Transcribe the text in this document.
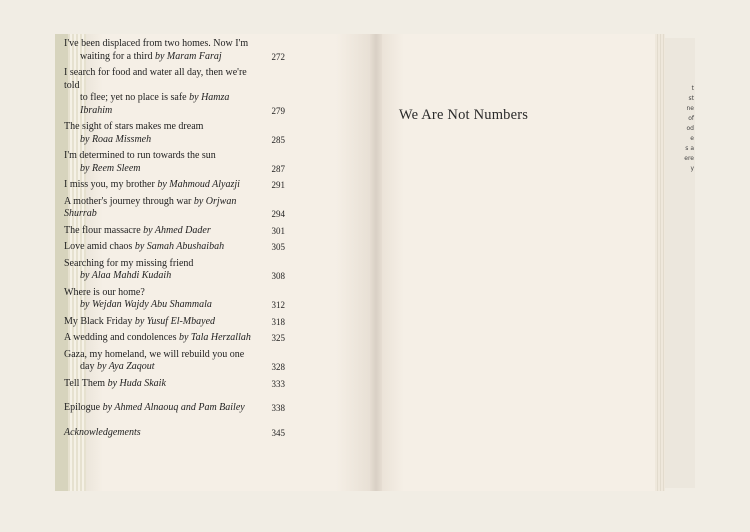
t
st
ne
of
od
e
s a
ere
y
I've been displaced from two homes. Now I'm
waiting for a third by Maram Faraj	272
I search for food and water all day, then we're told
to flee; yet no place is safe by Hamza Ibrahim	279
The sight of stars makes me dream
by Roaa Missmeh	285
I'm determined to run towards the sun
by Reem Sleem	287
I miss you, my brother by Mahmoud Alyazji	291
A mother's journey through war by Orjwan Shurrab	294
The flour massacre by Ahmed Dader	301
Love amid chaos by Samah Abushaibah	305
Searching for my missing friend
by Alaa Mahdi Kudaih	308
Where is our home?
by Wejdan Wajdy Abu Shammala	312
My Black Friday by Yusuf El-Mbayed	318
A wedding and condolences by Tala Herzallah	325
Gaza, my homeland, we will rebuild you one
day by Aya Zaqout	328
Tell Them by Huda Skaik	333
Epilogue by Ahmed Alnaouq and Pam Bailey	338
Acknowledgements	345
We Are Not Numbers
